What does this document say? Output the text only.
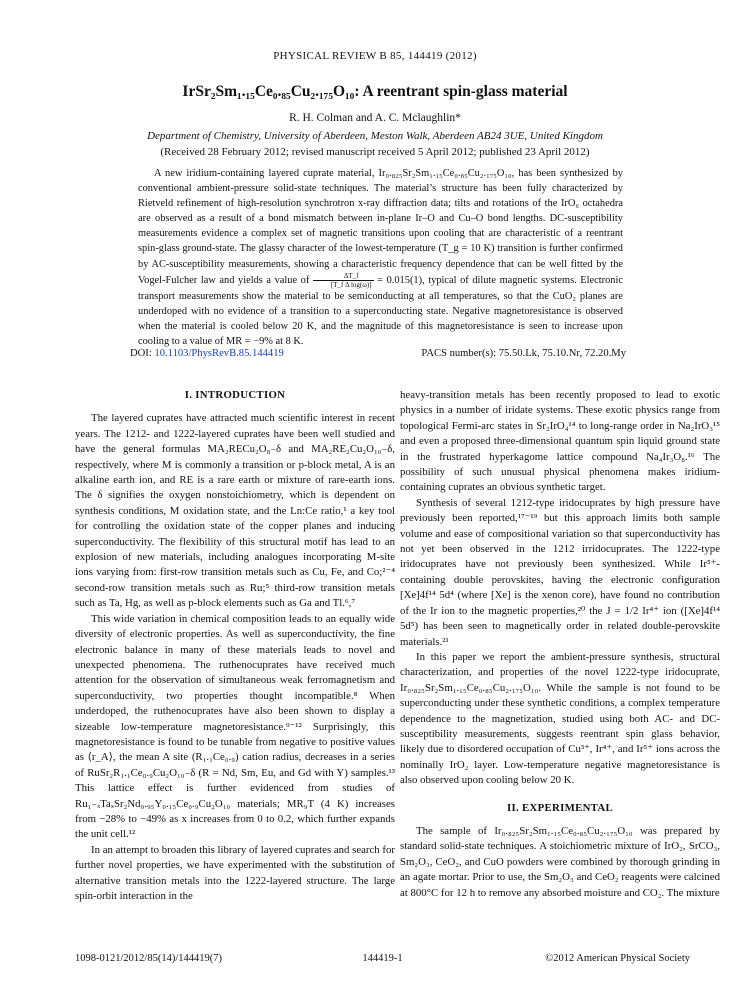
PHYSICAL REVIEW B 85, 144419 (2012)
IrSr₂Sm₁.₁₅Ce₀.₈₅Cu₂.₁₇₅O₁₀: A reentrant spin-glass material
R. H. Colman and A. C. Mclaughlin*
Department of Chemistry, University of Aberdeen, Meston Walk, Aberdeen AB24 3UE, United Kingdom
(Received 28 February 2012; revised manuscript received 5 April 2012; published 23 April 2012)

A new iridium-containing layered cuprate material, Ir₀.₈₂₅Sr₂Sm₁.₁₅Ce₀.₈₅Cu₂.₁₇₅O₁₀, has been synthesized by conventional ambient-pressure solid-state techniques. The material’s structure has been fully characterized by Rietveld refinement of high-resolution synchrotron x-ray diffraction data; tilts and rotations of the IrO₆ octahedra are observed as a result of a bond mismatch between in-plane Ir–O and Cu–O bond lengths. DC-susceptibility measurements evidence a complex set of magnetic transitions upon cooling that are characteristic of a reentrant spin-glass ground-state. The glassy character of the lowest-temperature (T_g = 10 K) transition is further confirmed by AC-susceptibility measurements, showing a characteristic frequency dependence that can be well fitted by the Vogel-Fulcher law and yields a value of $\frac{\Delta T\_f}{\text{[T\_f Δ log(ω)]}} = 0.015(1)$, typical of dilute magnetic systems. Electronic transport measurements show the material to be semiconducting at all temperatures, so that the CuO₂ planes are underdoped with no evidence of a transition to a superconducting state. Negative magnetoresistance is observed when the material is cooled below 20 K, and the magnitude of this magnetoresistance is seen to increase upon cooling to a value of MR = −9% at 8 K.

DOI: 10.1103/PhysRevB.85.144419	PACS number(s): 75.50.Lk, 75.10.Nr, 72.20.My
I. INTRODUCTION

The layered cuprates have attracted much scientific interest in recent years. The 1212- and 1222-layered cuprates have been well studied and have the general formulas MA₂RECu₂O₈₋δ and MA₂RE₂Cu₂O₁₀₋δ, respectively, where M is commonly a transition or p-block metal, A is an alkaline earth ion, and RE is a rare earth or mixture of rare-earth ions. The δ signifies the oxygen nonstoichiometry, which is dependent on synthesis conditions, M oxidation state, and the Ln:Ce ratio,¹ a key tool for controlling the oxidation state of the copper planes and inducing superconductivity. The flexibility of this structural motif has lead to an explosion of new materials, including analogues incorporating M-site ions varying from: first-row transition metals such as Cu, Fe, and Co;²⁻⁴ second-row transition metals such as Ru;⁵ third-row transition metals such as Ta, Hg, as well as p-block elements such as Ga and Tl.⁶,⁷

This wide variation in chemical composition leads to an equally wide diversity of electronic properties. As well as superconductivity, the fine electronic balance in many of these materials leads to novel and unexpected phenomena. The ruthenocuprates have received much attention for the observation of simultaneous weak ferromagnetism and superconductivity, two properties thought incompatible.⁸ When underdoped, the ruthenocuprates have also been shown to display a sizeable low-temperature magnetoresistance.⁹⁻¹² Surprisingly, this magnetoresistance is found to be tunable from negative to positive values as ⟨r_A⟩, the mean A site (R₁.₁Ce₀.₉) cation radius, decreases in a series of RuSr₂R₁.₁Ce₀.₉Cu₂O₁₀₋δ (R = Nd, Sm, Eu, and Gd with Y) samples.¹³ This lattice effect is further evidenced from studies of Ru₁₋ₓTaₓSr₂Nd₀.₉₅Y₀.₁₅Ce₀.₉Cu₂O₁₀ materials; MR₉T (4 K) increases from −28% to −49% as x increases from 0 to 0.2, which further expands the unit cell.¹²

In an attempt to broaden this library of layered cuprates and search for further novel properties, we have experimented with the substitution of alternative transition metals into the 1222-layered structure. The large spin-orbit interaction in the

heavy-transition metals has been recently proposed to lead to exotic physics in a number of iridate systems. These exotic physics range from topological Fermi-arc states in Sr₂IrO₄¹⁴ to long-range order in Na₂IrO₃¹⁵ and even a proposed three-dimensional quantum spin liquid ground state in the frustrated hyperkagome lattice compound Na₄Ir₃O₈.¹⁶ The possibility of such unusual physical phenomena makes iridium-containing cuprates an obvious synthetic target.

Synthesis of several 1212-type iridocuprates by high pressure have previously been reported,¹⁷⁻¹⁹ but this approach limits both sample volume and ease of compositional variation so that superconductivity has not yet been observed in the 1212 irridocuprates. The 1222-type iridocuprates have not previously been synthesized. While Ir⁵⁺-containing double perovskites, having the electronic configuration [Xe]4f¹⁴ 5d⁴ (where [Xe] is the xenon core), have found no contribution of the Ir ion to the magnetic properties,²⁰ the J = 1/2 Ir⁴⁺ ion ([Xe]4f¹⁴ 5d⁵) has been seen to magnetically order in related double-perovskite materials.²¹

In this paper we report the ambient-pressure synthesis, structural characterization, and properties of the novel 1222-type iridocuprate, Ir₀.₈₂₅Sr₂Sm₁.₁₅Ce₀.₈₅Cu₂.₁₇₅O₁₀. While the sample is not found to be superconducting under these synthetic conditions, a complex temperature dependence to the magnetization, studied using both AC- and DC-susceptibility measurements, suggests reentrant spin glass behavior, likely due to disordered occupation of Cu³⁺, Ir⁴⁺, and Ir⁵⁺ ions across the nominally IrO₂ layer. Low-temperature negative magnetoresistance is also observed upon cooling below 20 K.

II. EXPERIMENTAL

The sample of Ir₀.₈₂₅Sr₂Sm₁.₁₅Ce₀.₈₅Cu₂.₁₇₅O₁₀ was prepared by standard solid-state techniques. A stoichiometric mixture of IrO₂, SrCO₃, Sm₂O₃, CeO₂, and CuO powders were combined by thorough grinding in an agate mortar. Prior to use, the Sm₂O₃ and CeO₂ reagents were calcined at 800°C for 12 h to remove any absorbed moisture and CO₂. The mixture

1098-0121/2012/85(14)/144419(7)	144419-1	©2012 American Physical Society
